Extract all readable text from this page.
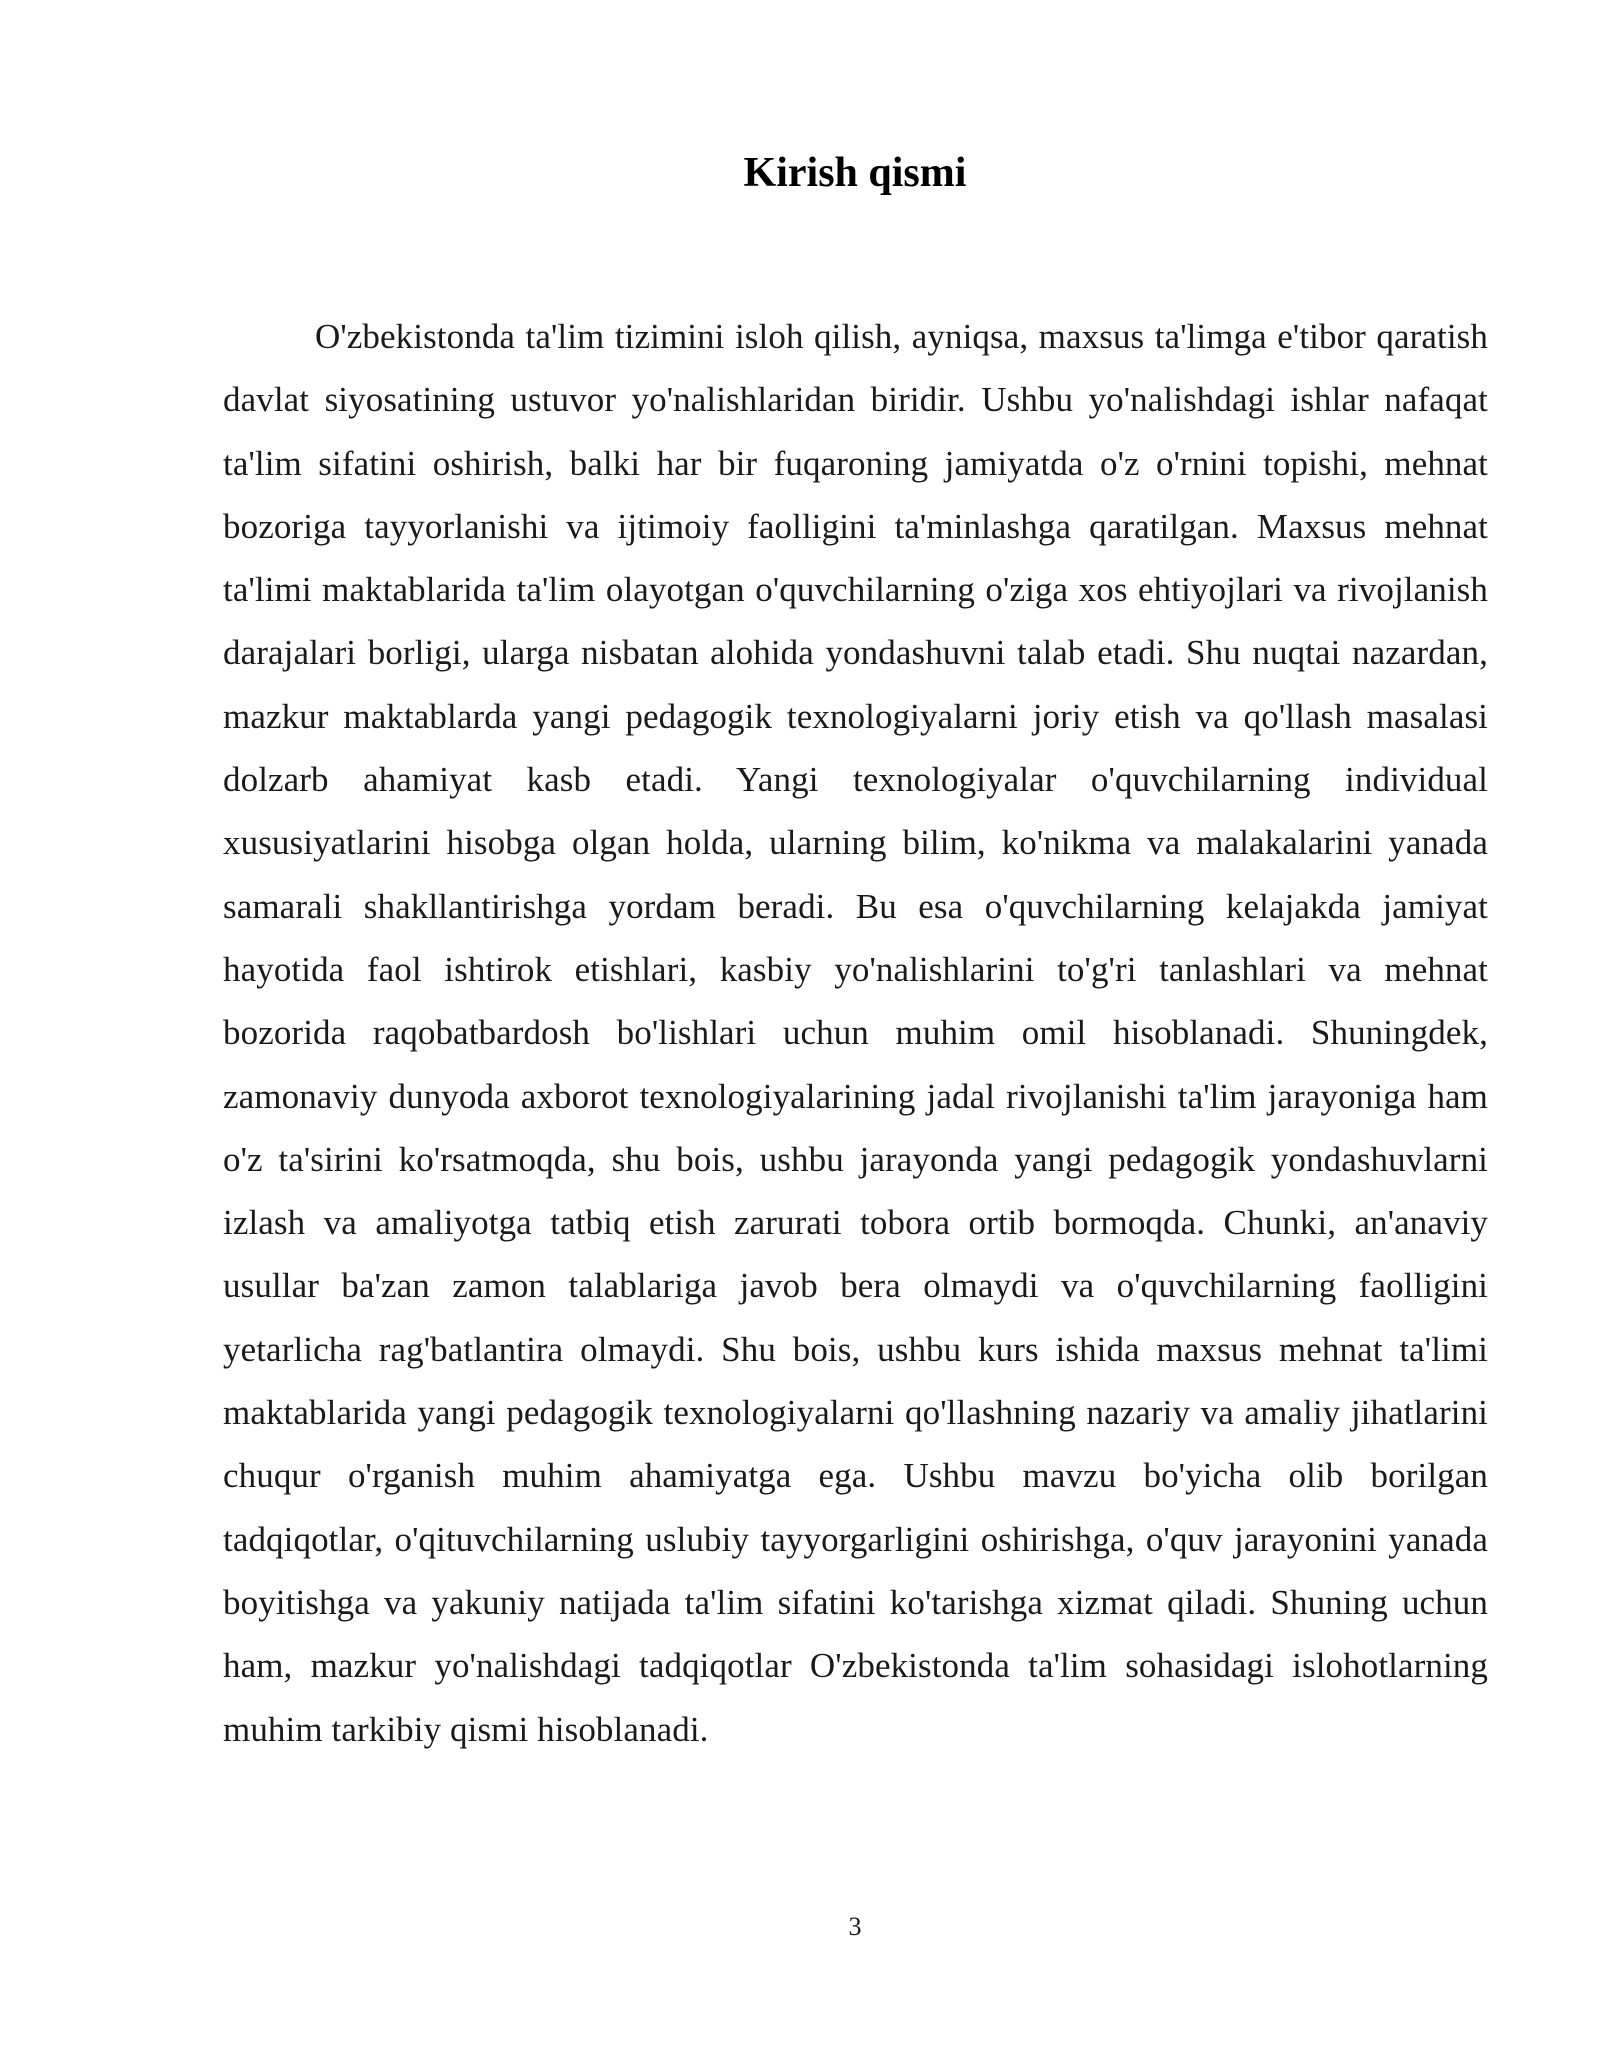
Kirish qismi

O'zbekistonda ta'lim tizimini isloh qilish, ayniqsa, maxsus ta'limga e'tibor qaratish davlat siyosatining ustuvor yo'nalishlaridan biridir. Ushbu yo'nalishdagi ishlar nafaqat ta'lim sifatini oshirish, balki har bir fuqaroning jamiyatda o'z o'rnini topishi, mehnat bozoriga tayyorlanishi va ijtimoiy faolligini ta'minlashga qaratilgan. Maxsus mehnat ta'limi maktablarida ta'lim olayotgan o'quvchilarning o'ziga xos ehtiyojlari va rivojlanish darajalari borligi, ularga nisbatan alohida yondashuvni talab etadi. Shu nuqtai nazardan, mazkur maktablarda yangi pedagogik texnologiyalarni joriy etish va qo'llash masalasi dolzarb ahamiyat kasb etadi. Yangi texnologiyalar o'quvchilarning individual xususiyatlarini hisobga olgan holda, ularning bilim, ko'nikma va malakalarini yanada samarali shakllantirishga yordam beradi. Bu esa o'quvchilarning kelajakda jamiyat hayotida faol ishtirok etishlari, kasbiy yo'nalishlarini to'g'ri tanlashlari va mehnat bozorida raqobatbardosh bo'lishlari uchun muhim omil hisoblanadi. Shuningdek, zamonaviy dunyoda axborot texnologiyalarining jadal rivojlanishi ta'lim jarayoniga ham o'z ta'sirini ko'rsatmoqda, shu bois, ushbu jarayonda yangi pedagogik yondashuvlarni izlash va amaliyotga tatbiq etish zarurati tobora ortib bormoqda. Chunki, an'anaviy usullar ba'zan zamon talablariga javob bera olmaydi va o'quvchilarning faolligini yetarlicha rag'batlantira olmaydi. Shu bois, ushbu kurs ishida maxsus mehnat ta'limi maktablarida yangi pedagogik texnologiyalarni qo'llashning nazariy va amaliy jihatlarini chuqur o'rganish muhim ahamiyatga ega. Ushbu mavzu bo'yicha olib borilgan tadqiqotlar, o'qituvchilarning uslubiy tayyorgarligini oshirishga, o'quv jarayonini yanada boyitishga va yakuniy natijada ta'lim sifatini ko'tarishga xizmat qiladi. Shuning uchun ham, mazkur yo'nalishdagi tadqiqotlar O'zbekistonda ta'lim sohasidagi islohotlarning muhim tarkibiy qismi hisoblanadi.

3
